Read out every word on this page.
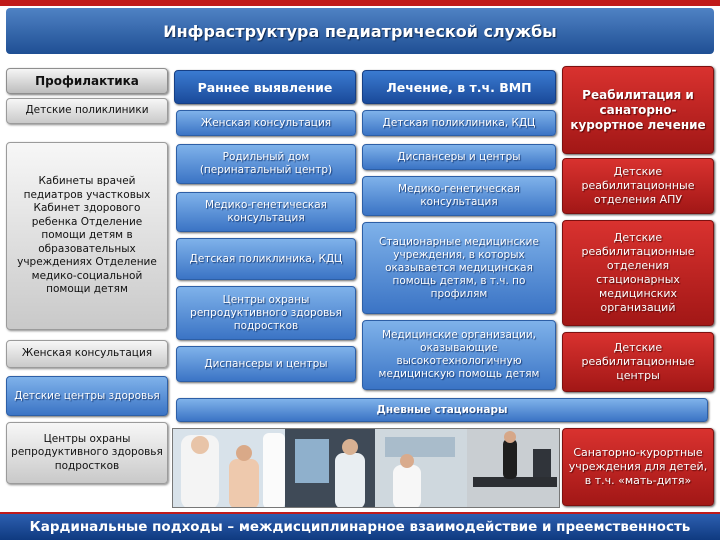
Инфраструктура педиатрической службы
Профилактика
Детские поликлиники
Кабинеты врачей педиатров участковых Кабинет здорового ребенка Отделение помощи детям в образовательных учреждениях Отделение медико-социальной помощи детям
Женская консультация
Детские центры здоровья
Центры охраны репродуктивного здоровья подростков
Раннее выявление
Женская консультация
Родильный дом (перинатальный центр)
Медико-генетическая консультация
Детская поликлиника, КДЦ
Центры охраны репродуктивного здоровья подростков
Диспансеры и центры
Лечение, в т.ч. ВМП
Детская поликлиника, КДЦ
Диспансеры и центры
Медико-генетическая консультация
Стационарные медицинские учреждения, в которых оказывается медицинская помощь детям, в т.ч. по профилям
Медицинские организации, оказывающие высокотехнологичную медицинскую помощь детям
Дневные стационары
Реабилитация и санаторно-курортное лечение
Детские реабилитационные отделения АПУ
Детские реабилитационные отделения стационарных медицинских организаций
Детские реабилитационные центры
Санаторно-курортные учреждения для детей, в т.ч. «мать-дитя»
Кардинальные подходы – междисциплинарное взаимодействие и преемственность
